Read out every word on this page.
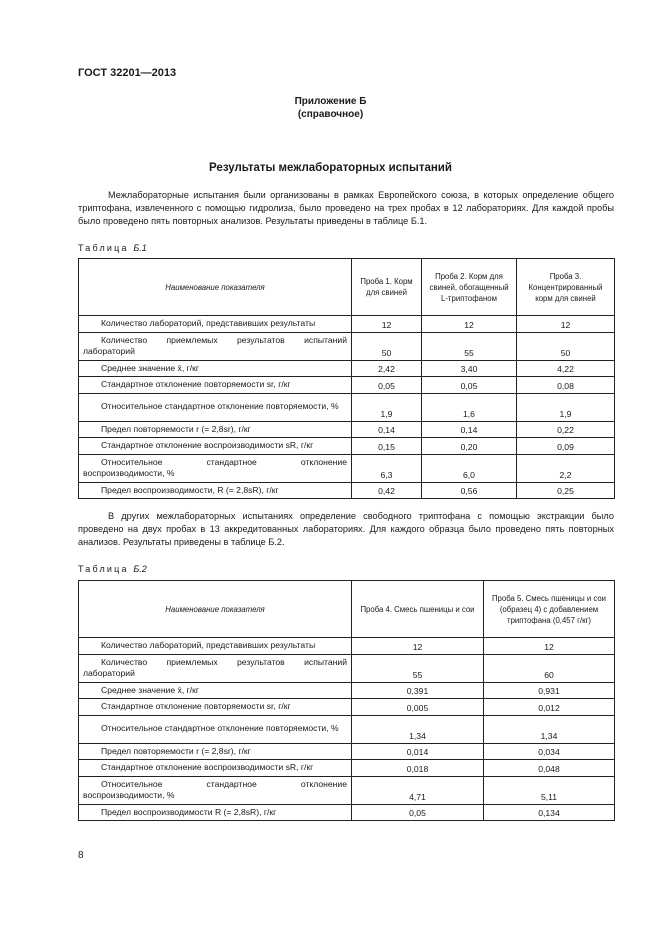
ГОСТ 32201—2013
Приложение Б
(справочное)
Результаты межлабораторных испытаний

Межлабораторные испытания были организованы в рамках Европейского союза, в которых определение общего триптофана, извлеченного с помощью гидролиза, было проведено на трех пробах в 12 лабораториях. Для каждой пробы было проведено пять повторных анализов. Результаты приведены в таблице Б.1.

Таблица Б.1
Наименование показателя	Проба 1. Корм для свиней	Проба 2. Корм для свиней, обогащенный L-триптофаном	Проба 3. Концентрированный корм для свиней
Количество лабораторий, представивших результаты	12	12	12
Количество приемлемых результатов испытаний лабораторий	50	55	50
Среднее значение x̄, г/кг	2,42	3,40	4,22
Стандартное отклонение повторяемости sr, г/кг	0,05	0,05	0,08
Относительное стандартное отклонение повторяемости, %	1,9	1,6	1,9
Предел повторяемости r (= 2,8sr), г/кг	0,14	0,14	0,22
Стандартное отклонение воспроизводимости sR, г/кг	0,15	0,20	0,09
Относительное стандартное отклонение воспроизводимости, %	6,3	6,0	2,2
Предел воспроизводимости, R (= 2,8sR), г/кг	0,42	0,56	0,25

В других межлабораторных испытаниях определение свободного триптофана с помощью экстракции было проведено на двух пробах в 13 аккредитованных лабораториях. Для каждого образца было проведено пять повторных анализов. Результаты приведены в таблице Б.2.

Таблица Б.2
Наименование показателя	Проба 4. Смесь пшеницы и сои	Проба 5. Смесь пшеницы и сои (образец 4) с добавлением триптофана (0,457 г/кг)
Количество лабораторий, представивших результаты	12	12
Количество приемлемых результатов испытаний лабораторий	55	60
Среднее значение x̄, г/кг	0,391	0,931
Стандартное отклонение повторяемости sr, г/кг	0,005	0,012
Относительное стандартное отклонение повторяемости, %	1,34	1,34
Предел повторяемости r (= 2,8sr), г/кг	0,014	0,034
Стандартное отклонение воспроизводимости sR, г/кг	0,018	0,048
Относительное стандартное отклонение воспроизводимости, %	4,71	5,11
Предел воспроизводимости R (= 2,8sR), г/кг	0,05	0,134
8
